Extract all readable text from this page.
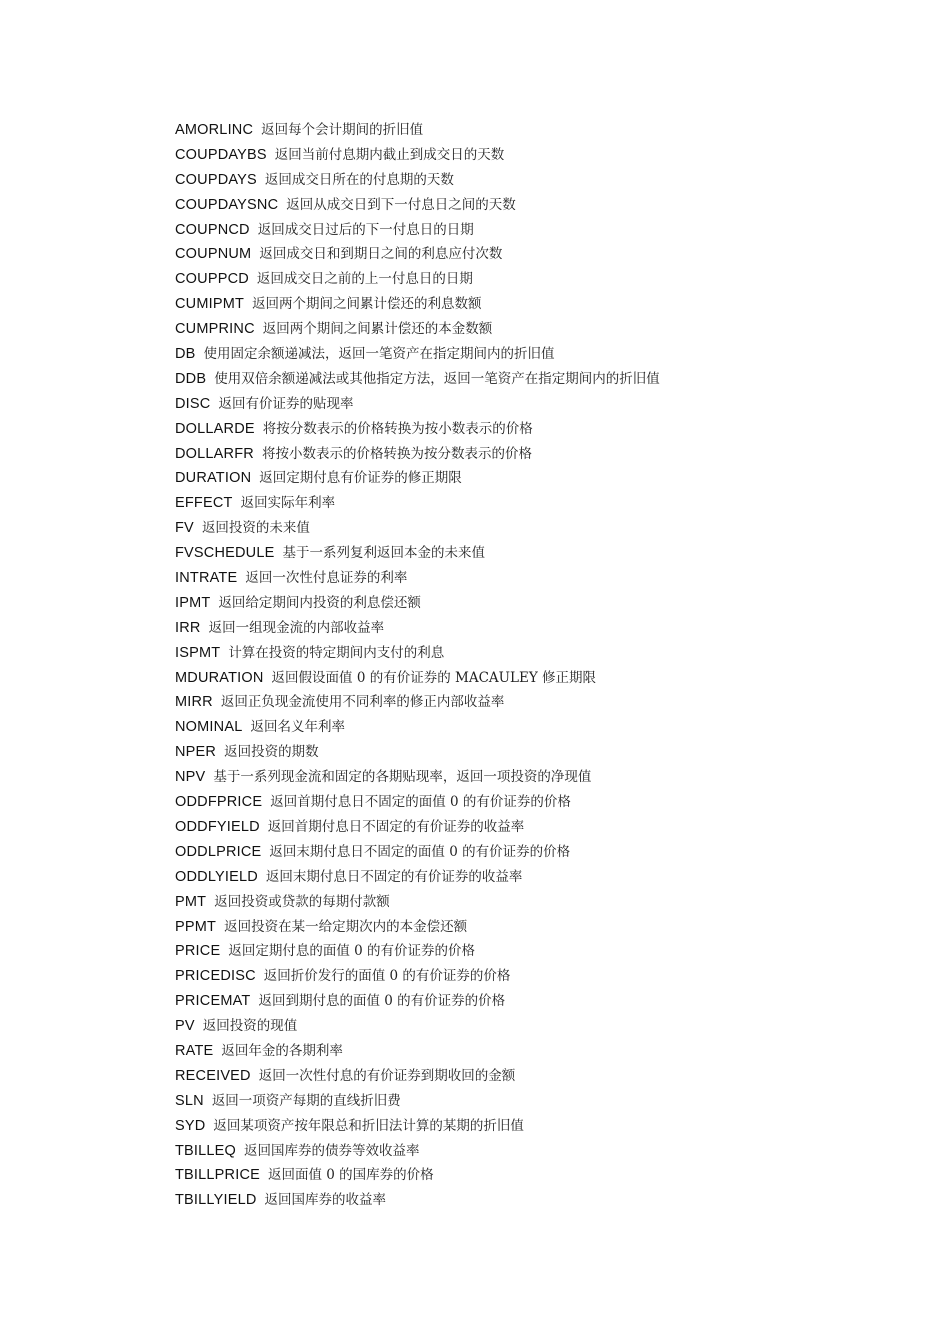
AMORLINC 返回每个会计期间的折旧值
COUPDAYBS 返回当前付息期内截止到成交日的天数
COUPDAYS 返回成交日所在的付息期的天数
COUPDAYSNC 返回从成交日到下一付息日之间的天数
COUPNCD 返回成交日过后的下一付息日的日期
COUPNUM 返回成交日和到期日之间的利息应付次数
COUPPCD 返回成交日之前的上一付息日的日期
CUMIPMT 返回两个期间之间累计偿还的利息数额
CUMPRINC 返回两个期间之间累计偿还的本金数额
DB 使用固定余额递减法，返回一笔资产在指定期间内的折旧值
DDB 使用双倍余额递减法或其他指定方法，返回一笔资产在指定期间内的折旧值
DISC 返回有价证券的贴现率
DOLLARDE 将按分数表示的价格转换为按小数表示的价格
DOLLARFR 将按小数表示的价格转换为按分数表示的价格
DURATION 返回定期付息有价证券的修正期限
EFFECT 返回实际年利率
FV 返回投资的未来值
FVSCHEDULE 基于一系列复利返回本金的未来值
INTRATE 返回一次性付息证券的利率
IPMT 返回给定期间内投资的利息偿还额
IRR 返回一组现金流的内部收益率
ISPMT 计算在投资的特定期间内支付的利息
MDURATION 返回假设面值 0 的有价证券的 MACAULEY 修正期限
MIRR 返回正负现金流使用不同利率的修正内部收益率
NOMINAL 返回名义年利率
NPER 返回投资的期数
NPV 基于一系列现金流和固定的各期贴现率，返回一项投资的净现值
ODDFPRICE 返回首期付息日不固定的面值 0 的有价证券的价格
ODDFYIELD 返回首期付息日不固定的有价证券的收益率
ODDLPRICE 返回末期付息日不固定的面值 0 的有价证券的价格
ODDLYIELD 返回末期付息日不固定的有价证券的收益率
PMT 返回投资或贷款的每期付款额
PPMT 返回投资在某一给定期次内的本金偿还额
PRICE 返回定期付息的面值 0 的有价证券的价格
PRICEDISC 返回折价发行的面值 0 的有价证券的价格
PRICEMAT 返回到期付息的面值 0 的有价证券的价格
PV 返回投资的现值
RATE 返回年金的各期利率
RECEIVED 返回一次性付息的有价证券到期收回的金额
SLN 返回一项资产每期的直线折旧费
SYD 返回某项资产按年限总和折旧法计算的某期的折旧值
TBILLEQ 返回国库券的债券等效收益率
TBILLPRICE 返回面值 0 的国库券的价格
TBILLYIELD 返回国库券的收益率
